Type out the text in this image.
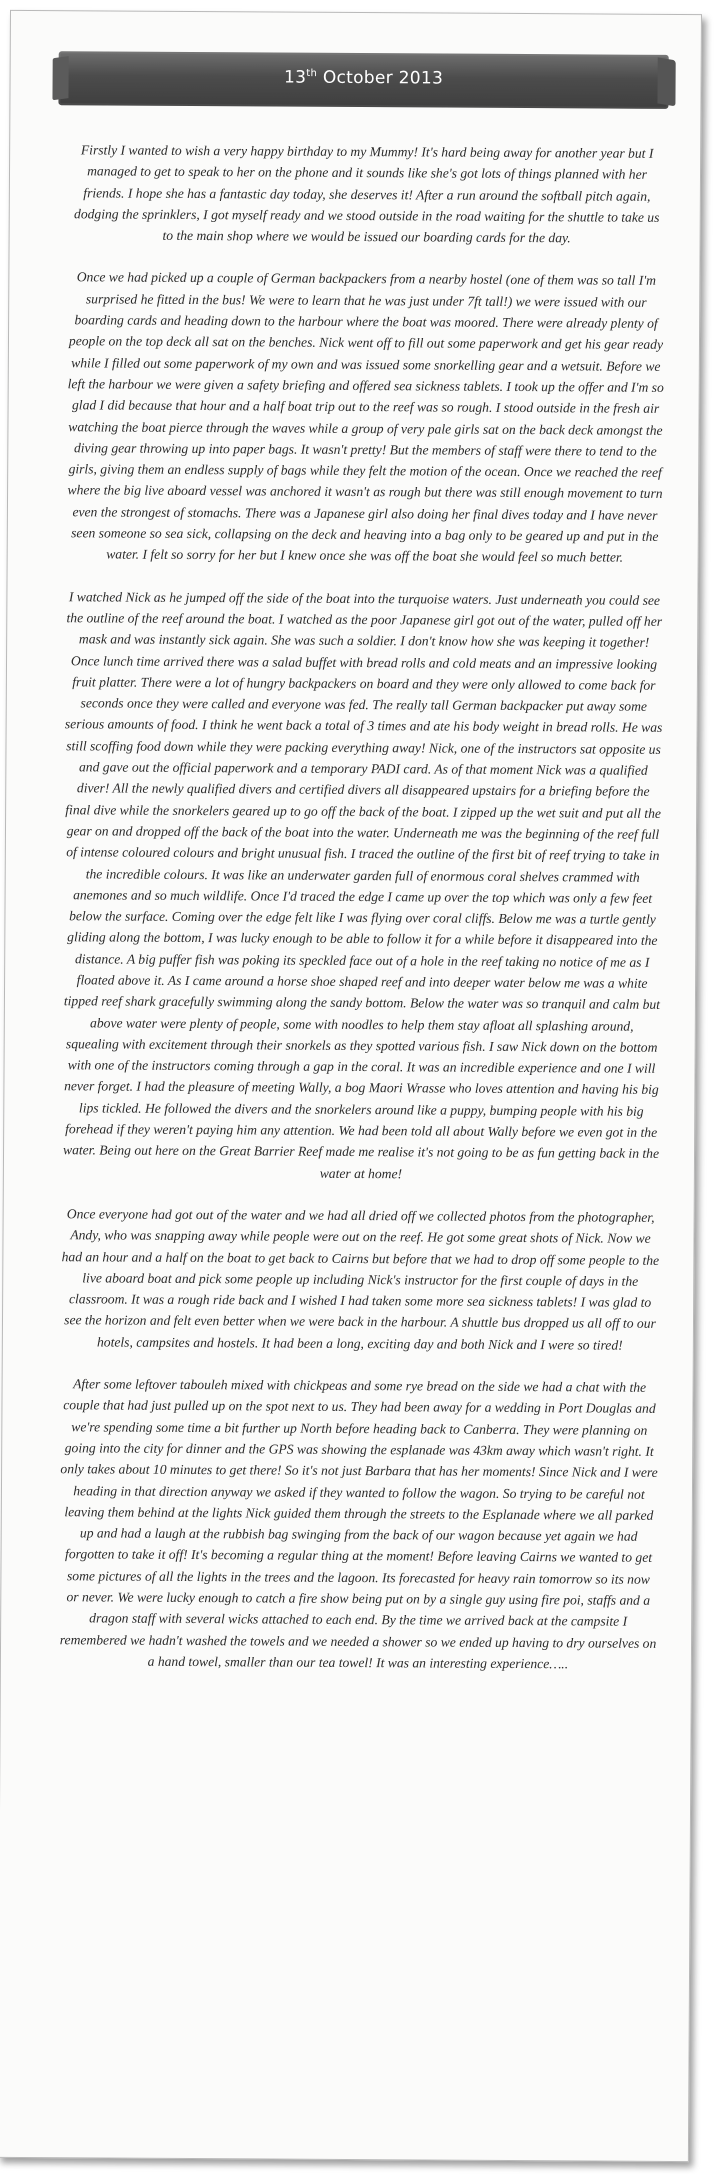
13th October 2013

Firstly I wanted to wish a very happy birthday to my Mummy! It's hard being away for another year but I managed to get to speak to her on the phone and it sounds like she's got lots of things planned with her friends. I hope she has a fantastic day today, she deserves it! After a run around the softball pitch again, dodging the sprinklers, I got myself ready and we stood outside in the road waiting for the shuttle to take us to the main shop where we would be issued our boarding cards for the day.

Once we had picked up a couple of German backpackers from a nearby hostel (one of them was so tall I'm surprised he fitted in the bus! We were to learn that he was just under 7ft tall!) we were issued with our boarding cards and heading down to the harbour where the boat was moored. There were already plenty of people on the top deck all sat on the benches. Nick went off to fill out some paperwork and get his gear ready while I filled out some paperwork of my own and was issued some snorkelling gear and a wetsuit. Before we left the harbour we were given a safety briefing and offered sea sickness tablets. I took up the offer and I'm so glad I did because that hour and a half boat trip out to the reef was so rough. I stood outside in the fresh air watching the boat pierce through the waves while a group of very pale girls sat on the back deck amongst the diving gear throwing up into paper bags. It wasn't pretty! But the members of staff were there to tend to the girls, giving them an endless supply of bags while they felt the motion of the ocean. Once we reached the reef where the big live aboard vessel was anchored it wasn't as rough but there was still enough movement to turn even the strongest of stomachs. There was a Japanese girl also doing her final dives today and I have never seen someone so sea sick, collapsing on the deck and heaving into a bag only to be geared up and put in the water. I felt so sorry for her but I knew once she was off the boat she would feel so much better.

I watched Nick as he jumped off the side of the boat into the turquoise waters. Just underneath you could see the outline of the reef around the boat. I watched as the poor Japanese girl got out of the water, pulled off her mask and was instantly sick again. She was such a soldier. I don't know how she was keeping it together! Once lunch time arrived there was a salad buffet with bread rolls and cold meats and an impressive looking fruit platter. There were a lot of hungry backpackers on board and they were only allowed to come back for seconds once they were called and everyone was fed. The really tall German backpacker put away some serious amounts of food. I think he went back a total of 3 times and ate his body weight in bread rolls. He was still scoffing food down while they were packing everything away! Nick, one of the instructors sat opposite us and gave out the official paperwork and a temporary PADI card. As of that moment Nick was a qualified diver! All the newly qualified divers and certified divers all disappeared upstairs for a briefing before the final dive while the snorkelers geared up to go off the back of the boat. I zipped up the wet suit and put all the gear on and dropped off the back of the boat into the water. Underneath me was the beginning of the reef full of intense coloured colours and bright unusual fish. I traced the outline of the first bit of reef trying to take in the incredible colours. It was like an underwater garden full of enormous coral shelves crammed with anemones and so much wildlife. Once I'd traced the edge I came up over the top which was only a few feet below the surface. Coming over the edge felt like I was flying over coral cliffs. Below me was a turtle gently gliding along the bottom, I was lucky enough to be able to follow it for a while before it disappeared into the distance. A big puffer fish was poking its speckled face out of a hole in the reef taking no notice of me as I floated above it. As I came around a horse shoe shaped reef and into deeper water below me was a white tipped reef shark gracefully swimming along the sandy bottom. Below the water was so tranquil and calm but above water were plenty of people, some with noodles to help them stay afloat all splashing around, squealing with excitement through their snorkels as they spotted various fish. I saw Nick down on the bottom with one of the instructors coming through a gap in the coral. It was an incredible experience and one I will never forget. I had the pleasure of meeting Wally, a bog Maori Wrasse who loves attention and having his big lips tickled. He followed the divers and the snorkelers around like a puppy, bumping people with his big forehead if they weren't paying him any attention. We had been told all about Wally before we even got in the water. Being out here on the Great Barrier Reef made me realise it's not going to be as fun getting back in the water at home!

Once everyone had got out of the water and we had all dried off we collected photos from the photographer, Andy, who was snapping away while people were out on the reef. He got some great shots of Nick. Now we had an hour and a half on the boat to get back to Cairns but before that we had to drop off some people to the live aboard boat and pick some people up including Nick's instructor for the first couple of days in the classroom. It was a rough ride back and I wished I had taken some more sea sickness tablets! I was glad to see the horizon and felt even better when we were back in the harbour. A shuttle bus dropped us all off to our hotels, campsites and hostels. It had been a long, exciting day and both Nick and I were so tired!

After some leftover tabouleh mixed with chickpeas and some rye bread on the side we had a chat with the couple that had just pulled up on the spot next to us. They had been away for a wedding in Port Douglas and we're spending some time a bit further up North before heading back to Canberra. They were planning on going into the city for dinner and the GPS was showing the esplanade was 43km away which wasn't right. It only takes about 10 minutes to get there! So it's not just Barbara that has her moments! Since Nick and I were heading in that direction anyway we asked if they wanted to follow the wagon. So trying to be careful not leaving them behind at the lights Nick guided them through the streets to the Esplanade where we all parked up and had a laugh at the rubbish bag swinging from the back of our wagon because yet again we had forgotten to take it off! It's becoming a regular thing at the moment! Before leaving Cairns we wanted to get some pictures of all the lights in the trees and the lagoon. Its forecasted for heavy rain tomorrow so its now or never. We were lucky enough to catch a fire show being put on by a single guy using fire poi, staffs and a dragon staff with several wicks attached to each end. By the time we arrived back at the campsite I remembered we hadn't washed the towels and we needed a shower so we ended up having to dry ourselves on a hand towel, smaller than our tea towel! It was an interesting experience…..
